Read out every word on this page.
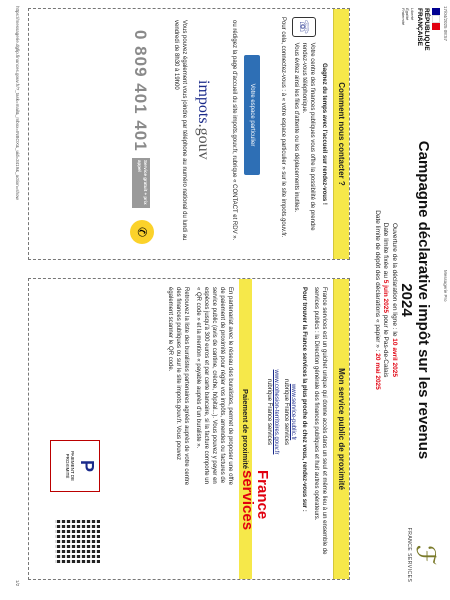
17/04/2025 08:57
Messagerie Pro
https://messagerie.dgfip.finances.gouv.fr/?_task=mail&_mbox=INBOX&_uid=3419&_action=show
1/2
RÉPUBLIQUE
FRANÇAISE
Liberté
Égalité
Fraternité
Campagne déclarative impôt sur les revenus 2024
Ouverture de la déclaration en ligne : le 10 avril 2025
Date limite fixée au 5 juin 2025 pour le Pas-de-Calais
Date limite de dépôt des déclarations « papier » : 20 mai 2025
ℱ
FRANCE SERVICES
Comment nous contacter ?
Gagnez du temps avec l'accueil sur rendez-vous !
☏
Votre centre des finances publiques vous offre la possibilité de prendre rendez-vous téléphonique.
Vous évitez ainsi les files d'attente ou les déplacements inutiles.
Pour cela, connectez-vous : à « votre espace particulier » sur le site impots.gouv.fr.
Votre espace particulier
ou rédigez la page d'accueil du site impots.gouv.fr, rubrique « CONTACT et RDV ».
impots.gouv
Vous pouvez également vous joindre par téléphone au numéro national du lundi au vendredi de 8h30 à 19h00
0 809 401 401
Service gratuit + prix appel
✆
Mon service public de proximité
France services est un guichet unique qui donne accès dans un seul et même lieu à un ensemble de services publics : la Direction générale des finances publiques et huit autres opérateurs.
Pour trouver la France services la plus proche de chez vous, rendez-vous sur :
www.service-public.fr
rubrique France services
www.cohesion-territoires.gouv.fr
rubrique France services
Paiement de proximité
En partenariat avec le réseau des buralistes, permet de proposer une offre de paiement de proximité pour régler vos impôts, amendes ou factures de service public (avis de cantine, crèche, hôpital...). Vous pouvez y payer en espèces jusqu'à 300 euros et par carte bancaire, si la facture comporte un « QR code » et la mention « payable auprès d'un buraliste ».
Retrouvez la liste des buralistes partenaires agréés auprès de votre centre des finances publiques ou sur le site impots.gouv.fr. Vous pouvez également scanner le QR code.
France
services
P
PAIEMENT DE PROXIMITÉ
